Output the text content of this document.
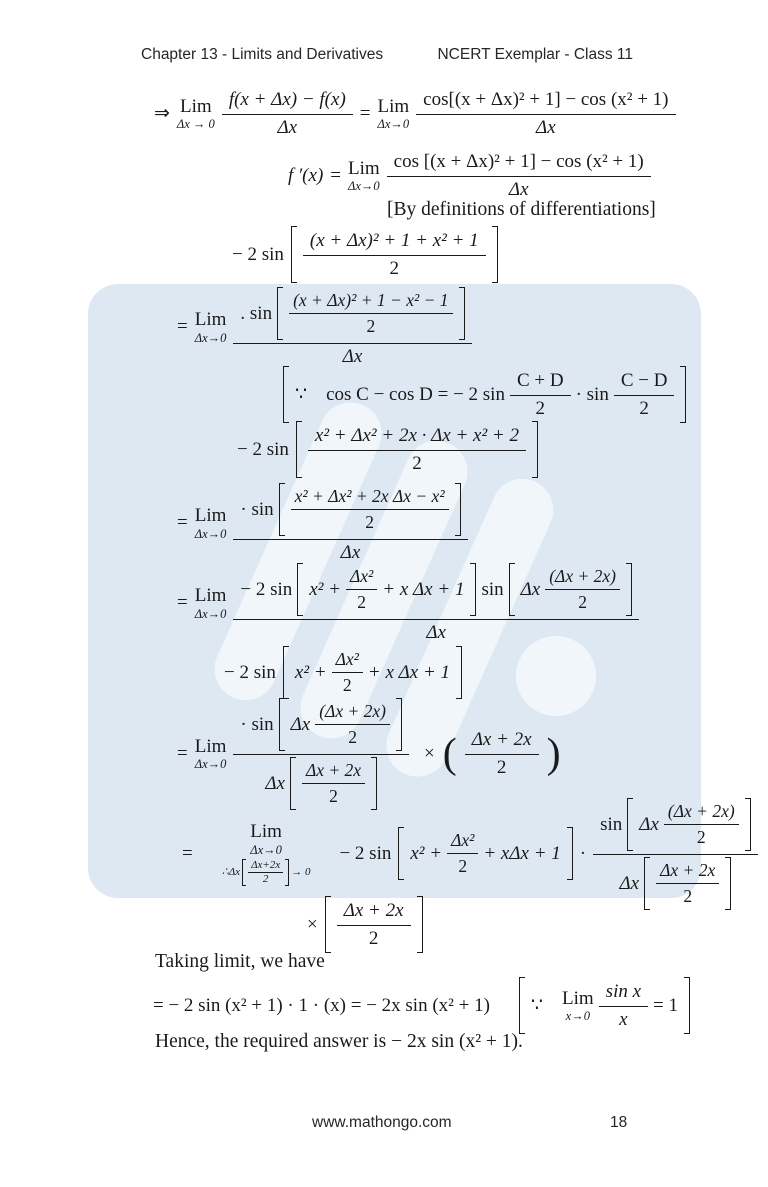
Chapter 13 - Limits and Derivatives	NCERT Exemplar - Class 11
⇒ Lim
$\Delta x \to 0 \frac{f(x + \Delta x) - f(x)}{\Delta x}$ = Lim
$\Delta x\to 0 \frac{\text{cos[(x + Δx)² + 1] − cos (x² + 1)}}{\Delta x}$
f ′(x) = Lim
$\Delta x\to 0 \frac{\text{cos [(x + Δx)² + 1] − cos (x² + 1)}}{\Delta x}$
[By definitions of differentiations]
− 2 $\sin \frac{\text{(x + Δx)² + 1 + x² + 1}}{2}$
= Lim
Δx→0
. $\sin \frac{\text{(x + Δx)² + 1 − x² − 1}}{2}$
Δx
∵ cos C − cos D = − 2 $\sin \frac{C + D}{2} \cdot \sin \frac{C - D}{2}$
− 2 $\sin \frac{\text{x² + Δx² + 2x · Δx + x² + 2}}{2}$
= Lim
Δx→0
· $\sin \frac{\text{x² + Δx² + 2x Δx − x²}}{2}$
Δx
= Lim
Δx→0
− 2 $\sin x^2 + \frac{\text{Δx²}}{2} + x$ Δx + 1 sin Δx $\frac{(\Delta x + 2x)}{2}$
Δx
− 2 $\sin x^2 + \frac{\text{Δx²}}{2} + x$ Δx + 1
= Lim
Δx→0
· sin Δx $\frac{(\Delta x + 2x)}{2}$
Δx $\frac{\Delta x + 2x}{2}$
× ( $\frac{\Delta x + 2x}{2}$ )
=
Lim
Δx→0
∴Δx $\frac{\Delta x+2x}{2} \to 0$
− 2 $\sin x^2 + \frac{\text{Δx²}}{2} + x\Delta x + 1$ ·
sin Δx $\frac{(\Delta x + 2x)}{2}$
Δx $\frac{\Delta x + 2x}{2}$
× $\frac{\Delta x + 2x}{2}$
Taking limit, we have
= − 2 sin (x² + 1) · 1 · (x) = − 2x sin (x² + 1) ∵ Lim
$x\to 0 \frac{\text{sin x}}{x} = 1$
Hence, the required answer is − 2x sin (x² + 1).
www.mathongo.com	18
